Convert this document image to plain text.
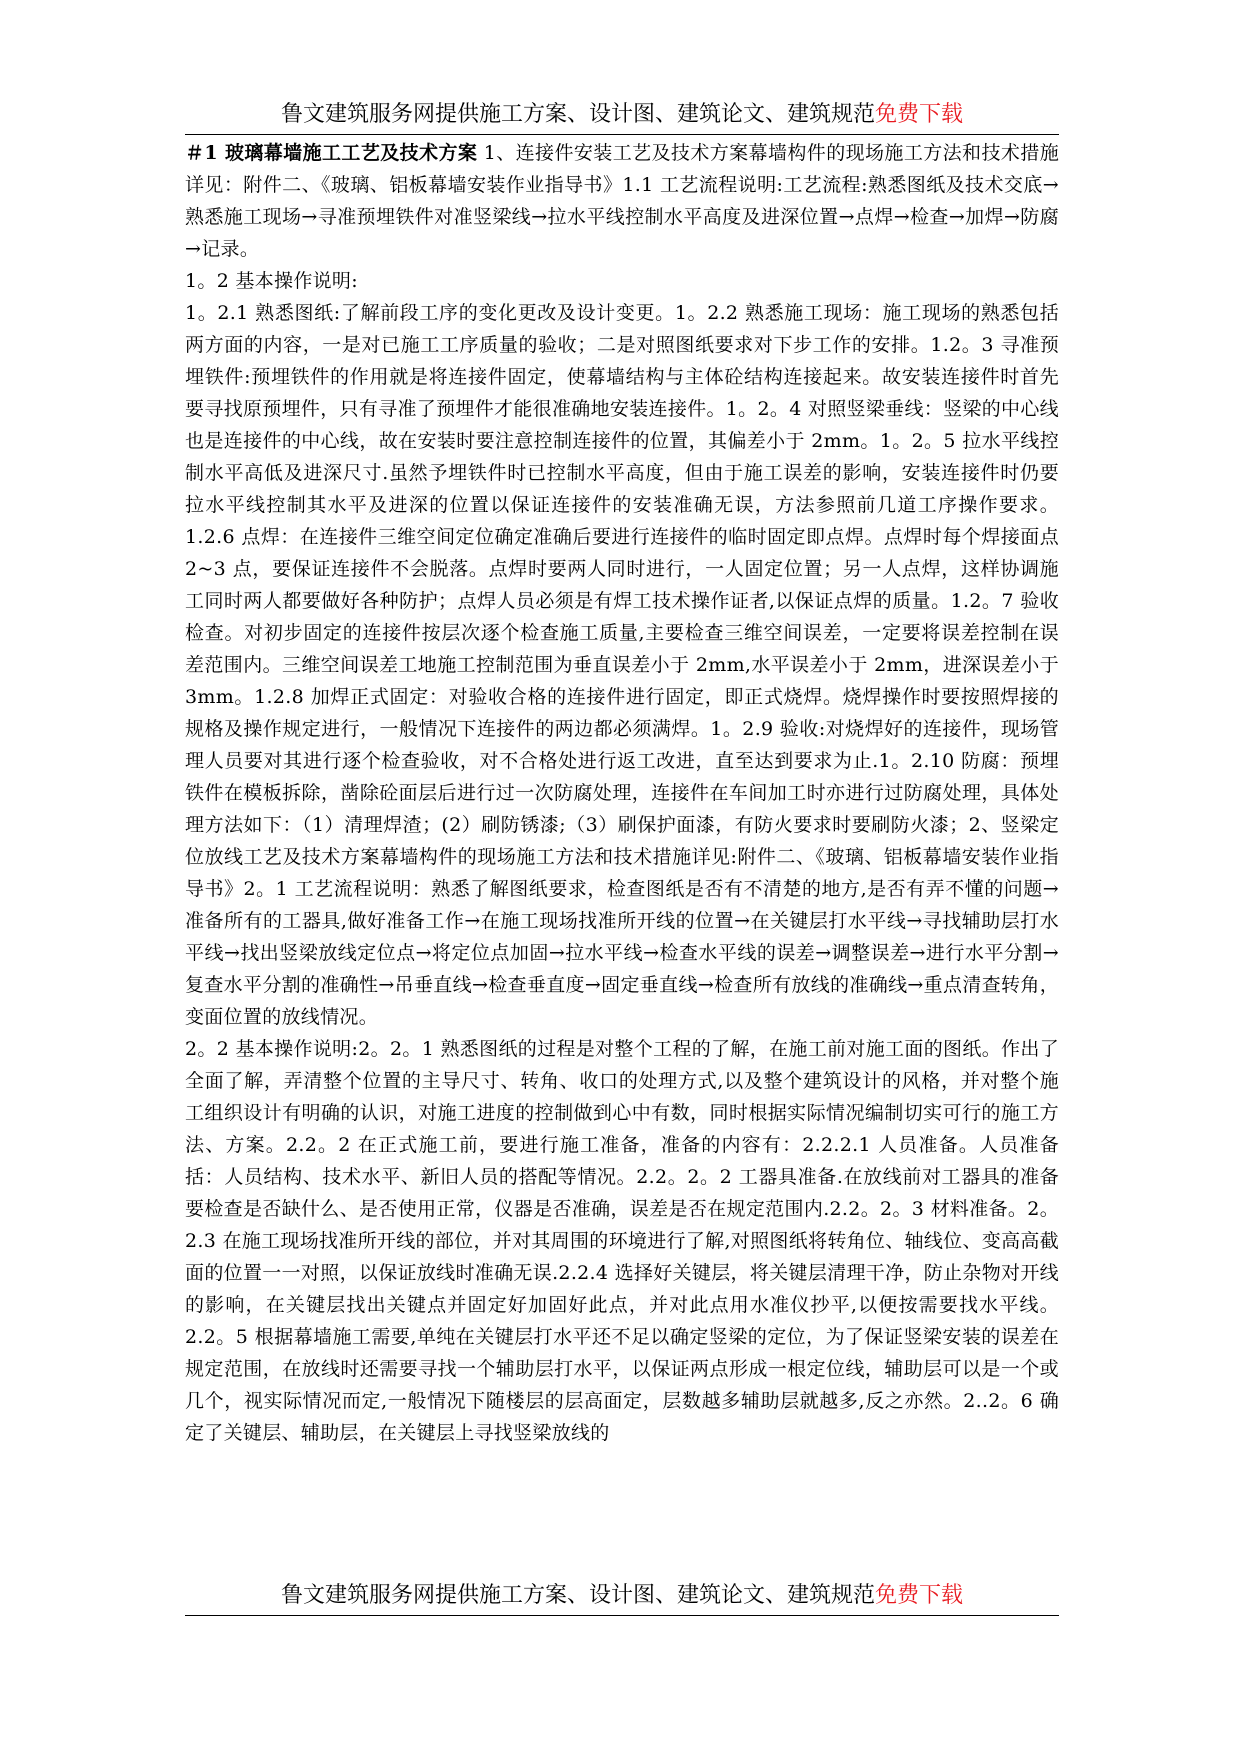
鲁文建筑服务网提供施工方案、设计图、建筑论文、建筑规范免费下载

＃1 玻璃幕墙施工工艺及技术方案 1、连接件安装工艺及技术方案幕墙构件的现场施工方法和技术措施详见：附件二、《玻璃、铝板幕墙安装作业指导书》1.1 工艺流程说明:工艺流程:熟悉图纸及技术交底→熟悉施工现场→寻准预埋铁件对准竖梁线→拉水平线控制水平高度及进深位置→点焊→检查→加焊→防腐→记录。

1。2 基本操作说明:

1。2.1 熟悉图纸:了解前段工序的变化更改及设计变更。1。2.2 熟悉施工现场：施工现场的熟悉包括两方面的内容，一是对已施工工序质量的验收；二是对照图纸要求对下步工作的安排。1.2。3 寻准预埋铁件:预埋铁件的作用就是将连接件固定，使幕墙结构与主体砼结构连接起来。故安装连接件时首先要寻找原预埋件，只有寻准了预埋件才能很准确地安装连接件。1。2。4 对照竖梁垂线：竖梁的中心线也是连接件的中心线，故在安装时要注意控制连接件的位置，其偏差小于 2mm。1。2。5 拉水平线控制水平高低及进深尺寸.虽然予埋铁件时已控制水平高度，但由于施工误差的影响，安装连接件时仍要拉水平线控制其水平及进深的位置以保证连接件的安装准确无误，方法参照前几道工序操作要求。1.2.6 点焊：在连接件三维空间定位确定准确后要进行连接件的临时固定即点焊。点焊时每个焊接面点 2~3 点，要保证连接件不会脱落。点焊时要两人同时进行，一人固定位置；另一人点焊，这样协调施工同时两人都要做好各种防护；点焊人员必须是有焊工技术操作证者,以保证点焊的质量。1.2。7 验收检查。对初步固定的连接件按层次逐个检查施工质量,主要检查三维空间误差，一定要将误差控制在误差范围内。三维空间误差工地施工控制范围为垂直误差小于 2mm,水平误差小于 2mm，进深误差小于 3mm。1.2.8 加焊正式固定：对验收合格的连接件进行固定，即正式烧焊。烧焊操作时要按照焊接的规格及操作规定进行，一般情况下连接件的两边都必须满焊。1。2.9 验收:对烧焊好的连接件，现场管理人员要对其进行逐个检查验收，对不合格处进行返工改进，直至达到要求为止.1。2.10 防腐：预埋铁件在模板拆除，凿除砼面层后进行过一次防腐处理，连接件在车间加工时亦进行过防腐处理，具体处理方法如下：（1）清理焊渣；(2）刷防锈漆;（3）刷保护面漆，有防火要求时要刷防火漆；2、竖梁定位放线工艺及技术方案幕墙构件的现场施工方法和技术措施详见:附件二、《玻璃、铝板幕墙安装作业指导书》2。1 工艺流程说明：熟悉了解图纸要求，检查图纸是否有不清楚的地方,是否有弄不懂的问题→准备所有的工器具,做好准备工作→在施工现场找准所开线的位置→在关键层打水平线→寻找辅助层打水平线→找出竖梁放线定位点→将定位点加固→拉水平线→检查水平线的误差→调整误差→进行水平分割→复查水平分割的准确性→吊垂直线→检查垂直度→固定垂直线→检查所有放线的准确线→重点清查转角，变面位置的放线情况。

2。2 基本操作说明:2。2。1 熟悉图纸的过程是对整个工程的了解，在施工前对施工面的图纸。作出了全面了解，弄清整个位置的主导尺寸、转角、收口的处理方式,以及整个建筑设计的风格，并对整个施工组织设计有明确的认识，对施工进度的控制做到心中有数，同时根据实际情况编制切实可行的施工方法、方案。2.2。2 在正式施工前，要进行施工准备，准备的内容有：2.2.2.1 人员准备。人员准备括：人员结构、技术水平、新旧人员的搭配等情况。2.2。2。2 工器具准备.在放线前对工器具的准备要检查是否缺什么、是否使用正常，仪器是否准确，误差是否在规定范围内.2.2。2。3 材料准备。2。2.3 在施工现场找准所开线的部位，并对其周围的环境进行了解,对照图纸将转角位、轴线位、变高高截面的位置一一对照，以保证放线时准确无误.2.2.4 选择好关键层，将关键层清理干净，防止杂物对开线的影响，在关键层找出关键点并固定好加固好此点，并对此点用水准仪抄平,以便按需要找水平线。2.2。5 根据幕墙施工需要,单纯在关键层打水平还不足以确定竖梁的定位，为了保证竖梁安装的误差在规定范围，在放线时还需要寻找一个辅助层打水平，以保证两点形成一根定位线，辅助层可以是一个或几个，视实际情况而定,一般情况下随楼层的层高面定，层数越多辅助层就越多,反之亦然。2..2。6 确定了关键层、辅助层，在关键层上寻找竖梁放线的

鲁文建筑服务网提供施工方案、设计图、建筑论文、建筑规范免费下载
